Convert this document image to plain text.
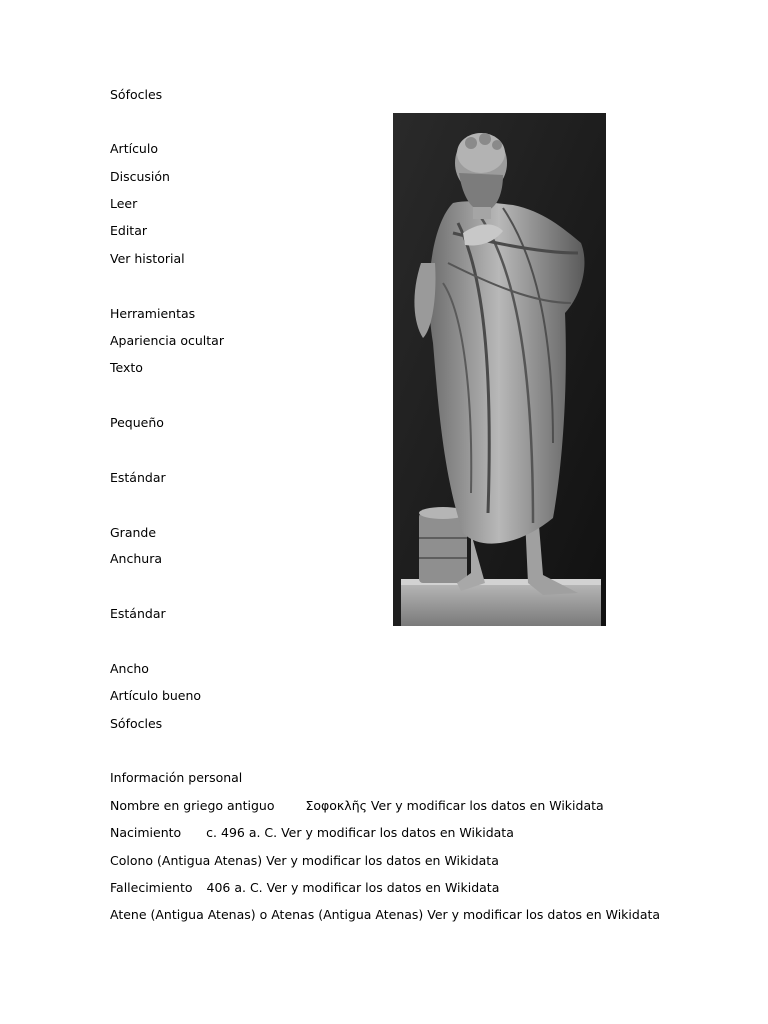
Sófocles
Artículo
Discusión
Leer
Editar
Ver historial
Herramientas
Apariencia ocultar
Texto
Pequeño
Estándar
Grande
Anchura
Estándar
Ancho
Artículo bueno
Sófocles
Información personal
Nombre en griego antiguo Σοφοκλῆς Ver y modificar los datos en Wikidata
Nacimiento c. 496 a. C. Ver y modificar los datos en Wikidata
Colono (Antigua Atenas) Ver y modificar los datos en Wikidata
Fallecimiento 406 a. C. Ver y modificar los datos en Wikidata
Atene (Antigua Atenas) o Atenas (Antigua Atenas) Ver y modificar los datos en Wikidata
